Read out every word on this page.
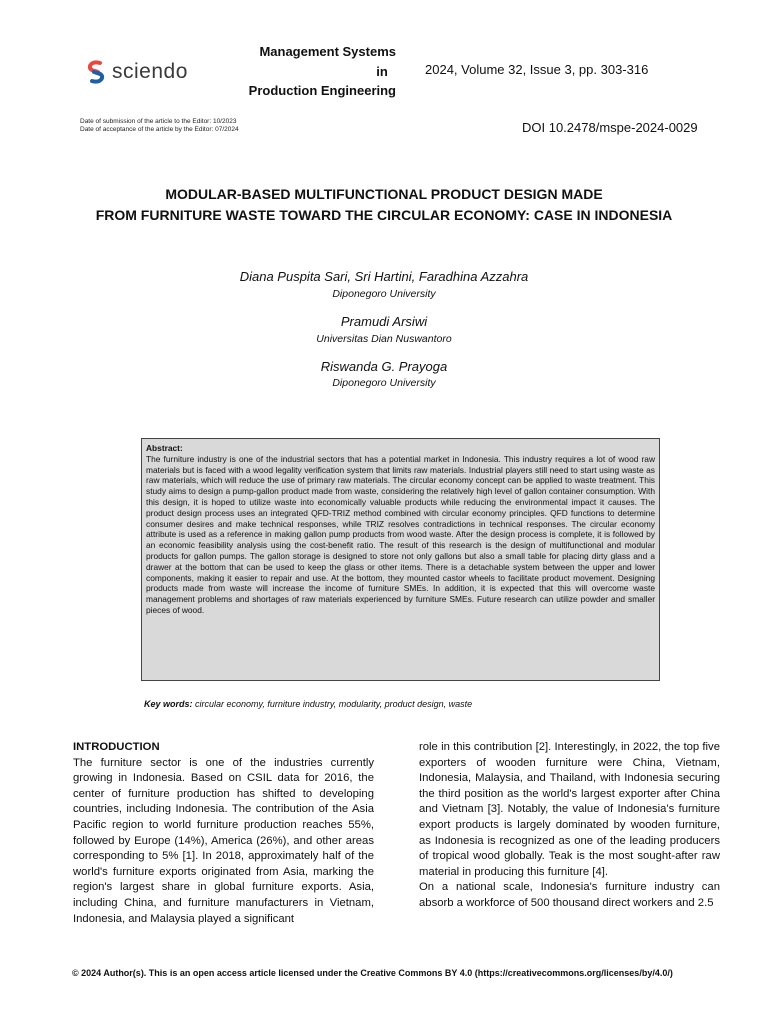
sciendo
Management Systems
in
Production Engineering
2024, Volume 32, Issue 3, pp. 303-316
Date of submission of the article to the Editor: 10/2023
Date of acceptance of the article by the Editor: 07/2024	DOI 10.2478/mspe-2024-0029
MODULAR-BASED MULTIFUNCTIONAL PRODUCT DESIGN MADE
FROM FURNITURE WASTE TOWARD THE CIRCULAR ECONOMY: CASE IN INDONESIA
Diana Puspita Sari, Sri Hartini, Faradhina Azzahra
Diponegoro University
Pramudi Arsiwi
Universitas Dian Nuswantoro
Riswanda G. Prayoga
Diponegoro University
Abstract:
The furniture industry is one of the industrial sectors that has a potential market in Indonesia. This industry requires a lot of wood raw materials but is faced with a wood legality verification system that limits raw materials. Industrial players still need to start using waste as raw materials, which will reduce the use of primary raw materials. The circular economy concept can be applied to waste treatment. This study aims to design a pump-gallon product made from waste, considering the relatively high level of gallon container consumption. With this design, it is hoped to utilize waste into economically valuable products while reducing the environmental impact it causes. The product design process uses an integrated QFD-TRIZ method combined with circular economy principles. QFD functions to determine consumer desires and make technical responses, while TRIZ resolves contradictions in technical responses. The circular economy attribute is used as a reference in making gallon pump products from wood waste. After the design process is complete, it is followed by an economic feasibility analysis using the cost-benefit ratio. The result of this research is the design of multifunctional and modular products for gallon pumps. The gallon storage is designed to store not only gallons but also a small table for placing dirty glass and a drawer at the bottom that can be used to keep the glass or other items. There is a detachable system between the upper and lower components, making it easier to repair and use. At the bottom, they mounted castor wheels to facilitate product movement. Designing products made from waste will increase the income of furniture SMEs. In addition, it is expected that this will overcome waste management problems and shortages of raw materials experienced by furniture SMEs. Future research can utilize powder and smaller pieces of wood.
Key words: circular economy, furniture industry, modularity, product design, waste
INTRODUCTION
The furniture sector is one of the industries currently growing in Indonesia. Based on CSIL data for 2016, the center of furniture production has shifted to developing countries, including Indonesia. The contribution of the Asia Pacific region to world furniture production reaches 55%, followed by Europe (14%), America (26%), and other areas corresponding to 5% [1]. In 2018, approximately half of the world's furniture exports originated from Asia, marking the region's largest share in global furniture exports. Asia, including China, and furniture manufacturers in Vietnam, Indonesia, and Malaysia played a significant
role in this contribution [2]. Interestingly, in 2022, the top five exporters of wooden furniture were China, Vietnam, Indonesia, Malaysia, and Thailand, with Indonesia securing the third position as the world's largest exporter after China and Vietnam [3]. Notably, the value of Indonesia's furniture export products is largely dominated by wooden furniture, as Indonesia is recognized as one of the leading producers of tropical wood globally. Teak is the most sought-after raw material in producing this furniture [4].
On a national scale, Indonesia's furniture industry can absorb a workforce of 500 thousand direct workers and 2.5
© 2024 Author(s). This is an open access article licensed under the Creative Commons BY 4.0 (https://creativecommons.org/licenses/by/4.0/)
